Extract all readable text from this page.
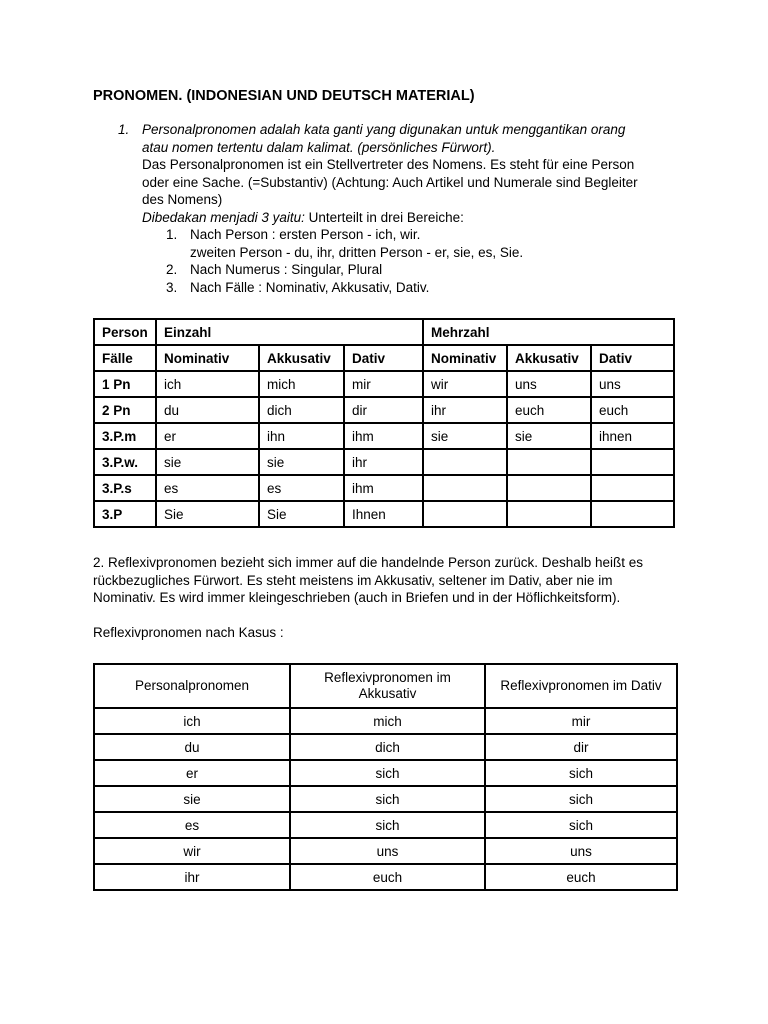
PRONOMEN. (INDONESIAN UND DEUTSCH MATERIAL)
1. Personalpronomen adalah kata ganti yang digunakan untuk menggantikan orang
atau nomen tertentu dalam kalimat. (persönliches Fürwort).
Das Personalpronomen ist ein Stellvertreter des Nomens. Es steht für eine Person
oder eine Sache. (=Substantiv) (Achtung: Auch Artikel und Numerale sind Begleiter
des Nomens)
Dibedakan menjadi 3 yaitu: Unterteilt in drei Bereiche:
1. Nach Person : ersten Person - ich, wir.
zweiten Person - du, ihr, dritten Person - er, sie, es, Sie.
2. Nach Numerus : Singular, Plural
3. Nach Fälle : Nominativ, Akkusativ, Dativ.
Person	Einzahl			Mehrzahl		
Fälle	Nominativ	Akkusativ	Dativ	Nominativ	Akkusativ	Dativ
1 Pn	ich	mich	mir	wir	uns	uns
2 Pn	du	dich	dir	ihr	euch	euch
3.P.m	er	ihn	ihm	sie	sie	ihnen
3.P.w.	sie	sie	ihr			
3.P.s	es	es	ihm			
3.P	Sie	Sie	Ihnen			
2. Reflexivpronomen bezieht sich immer auf die handelnde Person zurück. Deshalb heißt es
rückbezugliches Fürwort. Es steht meistens im Akkusativ, seltener im Dativ, aber nie im
Nominativ. Es wird immer kleingeschrieben (auch in Briefen und in der Höflichkeitsform).
Reflexivpronomen nach Kasus :
Personalpronomen	Reflexivpronomen im Akkusativ	Reflexivpronomen im Dativ
ich	mich	mir
du	dich	dir
er	sich	sich
sie	sich	sich
es	sich	sich
wir	uns	uns
ihr	euch	euch
